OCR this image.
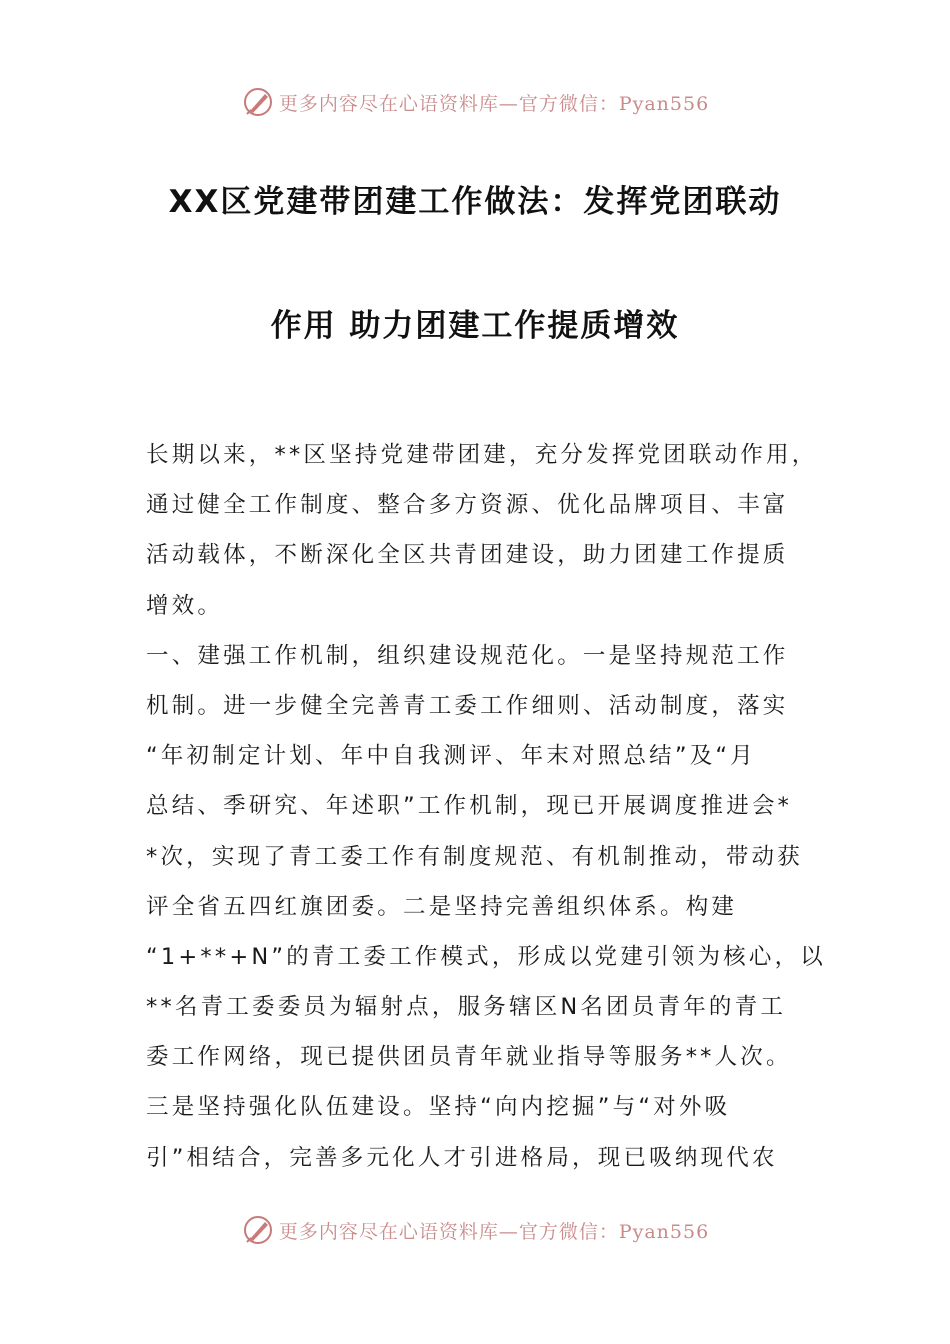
更多内容尽在心语资料库—官方微信：Pyan556
XX区党建带团建工作做法：发挥党团联动
作用 助力团建工作提质增效
长期以来，**区坚持党建带团建，充分发挥党团联动作用，
通过健全工作制度、整合多方资源、优化品牌项目、丰富
活动载体，不断深化全区共青团建设，助力团建工作提质
增效。
一、建强工作机制，组织建设规范化。一是坚持规范工作
机制。进一步健全完善青工委工作细则、活动制度，落实
“年初制定计划、年中自我测评、年末对照总结”及“月
总结、季研究、年述职”工作机制，现已开展调度推进会*
*次，实现了青工委工作有制度规范、有机制推动，带动获
评全省五四红旗团委。二是坚持完善组织体系。构建
“1+**+N”的青工委工作模式，形成以党建引领为核心，以
**名青工委委员为辐射点，服务辖区N名团员青年的青工
委工作网络，现已提供团员青年就业指导等服务**人次。
三是坚持强化队伍建设。坚持“向内挖掘”与“对外吸
引”相结合，完善多元化人才引进格局，现已吸纳现代农
更多内容尽在心语资料库—官方微信：Pyan556
